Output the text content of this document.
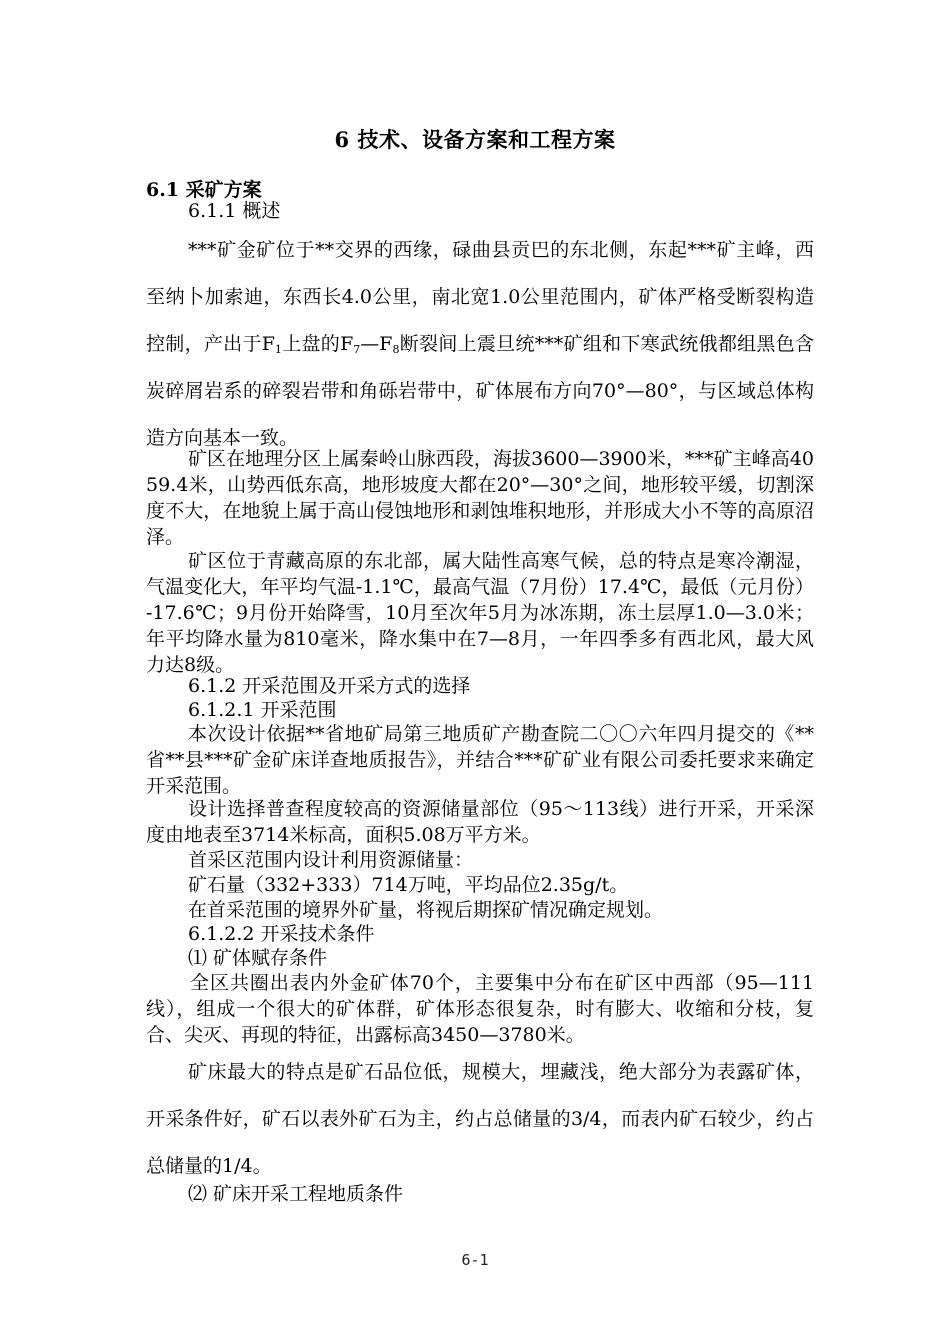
6 技术、设备方案和工程方案
6.1 采矿方案
6.1.1 概述
***矿金矿位于**交界的西缘，碌曲县贡巴的东北侧，东起***矿主峰，西至纳卜加索迪，东西长4.0公里，南北宽1.0公里范围内，矿体严格受断裂构造控制，产出于$F_1$上盘的$F_7—F_8$断裂间上震旦统***矿组和下寒武统俄都组黑色含炭碎屑岩系的碎裂岩带和角砾岩带中，矿体展布方向70°—80°，与区域总体构造方向基本一致。
矿区在地理分区上属秦岭山脉西段，海拔3600—3900米，***矿主峰高4059.4米，山势西低东高，地形坡度大都在20°—30°之间，地形较平缓，切割深度不大，在地貌上属于高山侵蚀地形和剥蚀堆积地形，并形成大小不等的高原沼泽。
矿区位于青藏高原的东北部，属大陆性高寒气候，总的特点是寒冷潮湿，气温变化大，年平均气温-1.1℃，最高气温（7月份）17.4℃，最低（元月份）-17.6℃；9月份开始降雪，10月至次年5月为冰冻期，冻土层厚1.0—3.0米；年平均降水量为810毫米，降水集中在7—8月，一年四季多有西北风，最大风力达8级。
6.1.2 开采范围及开采方式的选择
6.1.2.1 开采范围
本次设计依据**省地矿局第三地质矿产勘查院二〇〇六年四月提交的《**省**县***矿金矿床详查地质报告》，并结合***矿矿业有限公司委托要求来确定开采范围。
设计选择普查程度较高的资源储量部位（95～113线）进行开采，开采深度由地表至3714米标高，面积5.08万平方米。
首采区范围内设计利用资源储量：
矿石量（332+333）714万吨，平均品位2.35g/t。
在首采范围的境界外矿量，将视后期探矿情况确定规划。
6.1.2.2 开采技术条件
⑴ 矿体赋存条件
全区共圈出表内外金矿体70个，主要集中分布在矿区中西部（95—111线），组成一个很大的矿体群，矿体形态很复杂，时有膨大、收缩和分枝，复合、尖灭、再现的特征，出露标高3450—3780米。
矿床最大的特点是矿石品位低，规模大，埋藏浅，绝大部分为表露矿体，开采条件好，矿石以表外矿石为主，约占总储量的3/4，而表内矿石较少，约占总储量的1/4。
⑵ 矿床开采工程地质条件
6-1
